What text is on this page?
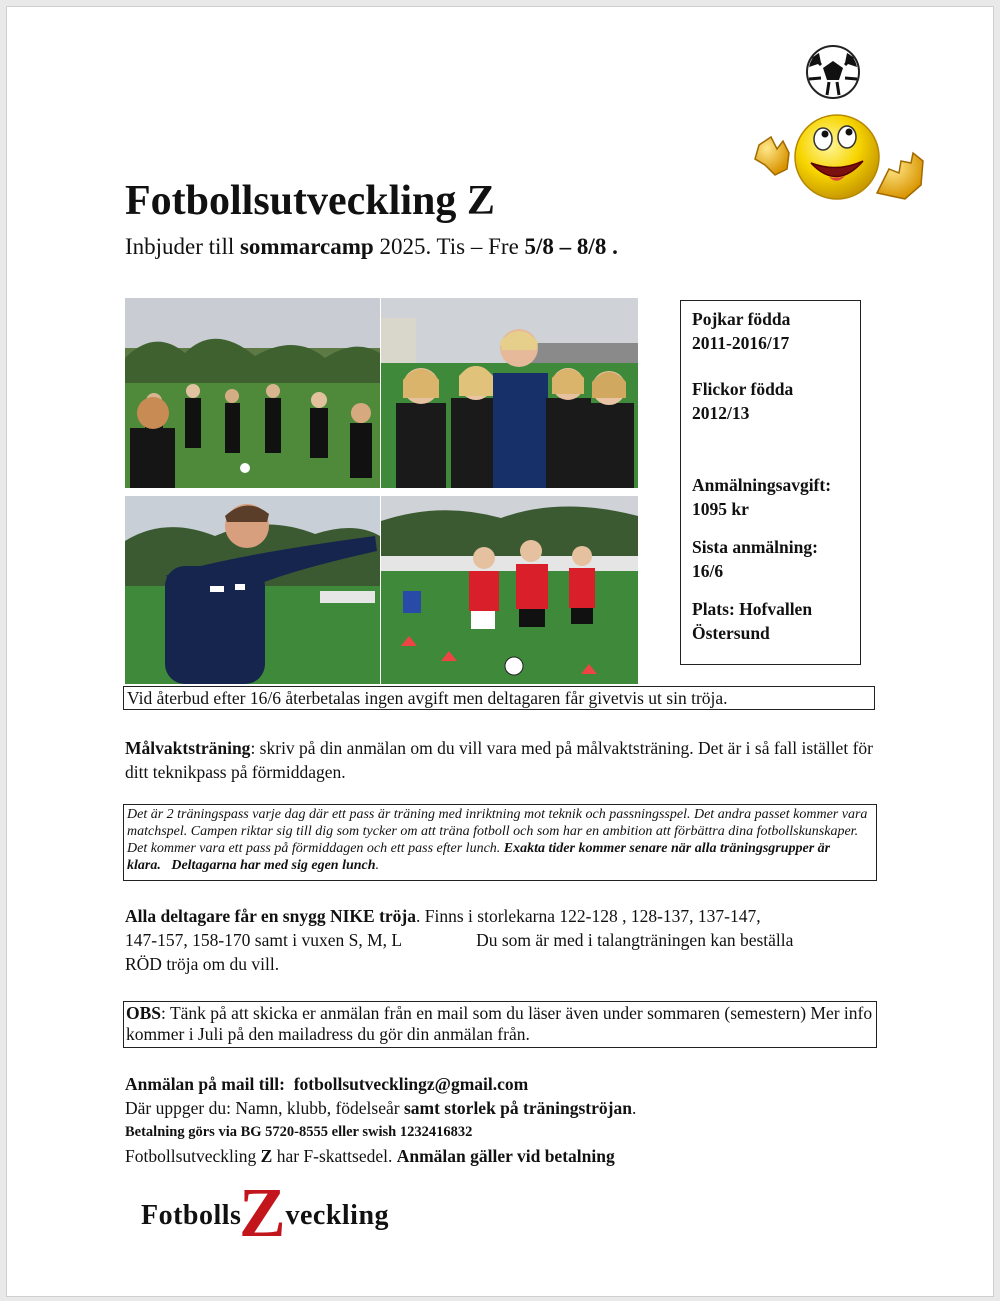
Fotbollsutveckling Z
Inbjuder till sommarcamp 2025. Tis – Fre 5/8 – 8/8 .

Pojkar födda

2011-2016/17

Flickor födda

2012/13

Anmälningsavgift:

1095 kr

Sista anmälning:

16/6

Plats: Hofvallen

Östersund

Vid återbud efter 16/6 återbetalas ingen avgift men deltagaren får givetvis ut sin tröja.
Målvaktsträning: skriv på din anmälan om du vill vara med på målvaktsträning. Det är i så fall istället för ditt teknikpass på förmiddagen.
Det är 2 träningspass varje dag där ett pass är träning med inriktning mot teknik och passningsspel. Det andra passet kommer vara matchspel. Campen riktar sig till dig som tycker om att träna fotboll och som har en ambition att förbättra dina fotbollskunskaper. Det kommer vara ett pass på förmiddagen och ett pass efter lunch. Exakta tider kommer senare när alla träningsgrupper är klara. Deltagarna har med sig egen lunch.
Alla deltagare får en snygg NIKE tröja. Finns i storlekarna 122-128 , 128-137, 137-147,
147-157, 158-170 samt i vuxen S, M, L	Du som är med i talangträningen kan beställa
RÖD tröja om du vill.
OBS: Tänk på att skicka er anmälan från en mail som du läser även under sommaren (semestern) Mer info kommer i Juli på den mailadress du gör din anmälan från.
Anmälan på mail till: fotbollsutvecklingz@gmail.com
Där uppger du: Namn, klubb, födelseår samt storlek på träningströjan.
Betalning görs via BG 5720-8555 eller swish 1232416832
Fotbollsutveckling Z har F-skattsedel. Anmälan gäller vid betalning
Fotbolls veckling
Z
